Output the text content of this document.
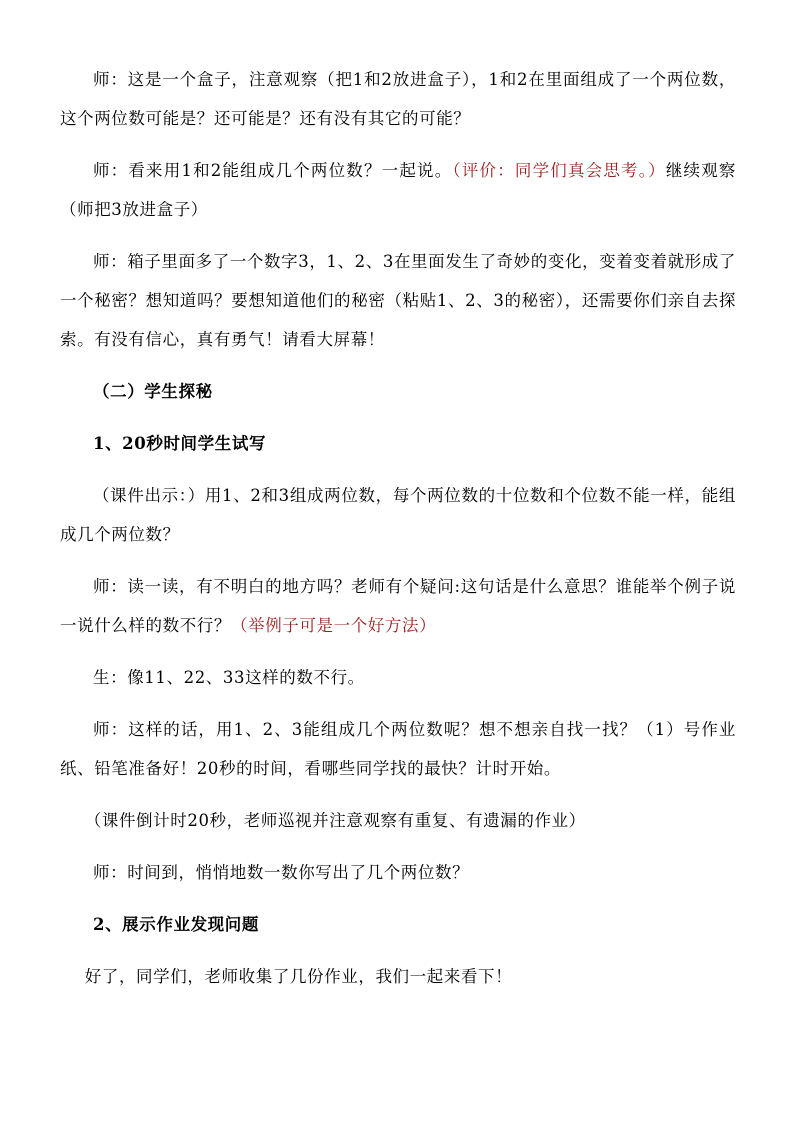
师：这是一个盒子，注意观察（把1和2放进盒子），1和2在里面组成了一个两位数，这个两位数可能是？还可能是？还有没有其它的可能？

师：看来用1和2能组成几个两位数？一起说。（评价：同学们真会思考。）继续观察（师把3放进盒子）

师：箱子里面多了一个数字3，1、2、3在里面发生了奇妙的变化，变着变着就形成了一个秘密？想知道吗？要想知道他们的秘密（粘贴1、2、3的秘密），还需要你们亲自去探索。有没有信心，真有勇气！请看大屏幕！

（二）学生探秘

1、20秒时间学生试写

（课件出示：）用1、2和3组成两位数，每个两位数的十位数和个位数不能一样，能组成几个两位数？

师：读一读，有不明白的地方吗？老师有个疑问:这句话是什么意思？谁能举个例子说一说什么样的数不行？（举例子可是一个好方法）

生：像11、22、33这样的数不行。

师：这样的话，用1、2、3能组成几个两位数呢？想不想亲自找一找？（1）号作业纸、铅笔准备好！20秒的时间，看哪些同学找的最快？计时开始。

（课件倒计时20秒，老师巡视并注意观察有重复、有遗漏的作业）

师：时间到，悄悄地数一数你写出了几个两位数？

2、展示作业发现问题

好了，同学们，老师收集了几份作业，我们一起来看下！
